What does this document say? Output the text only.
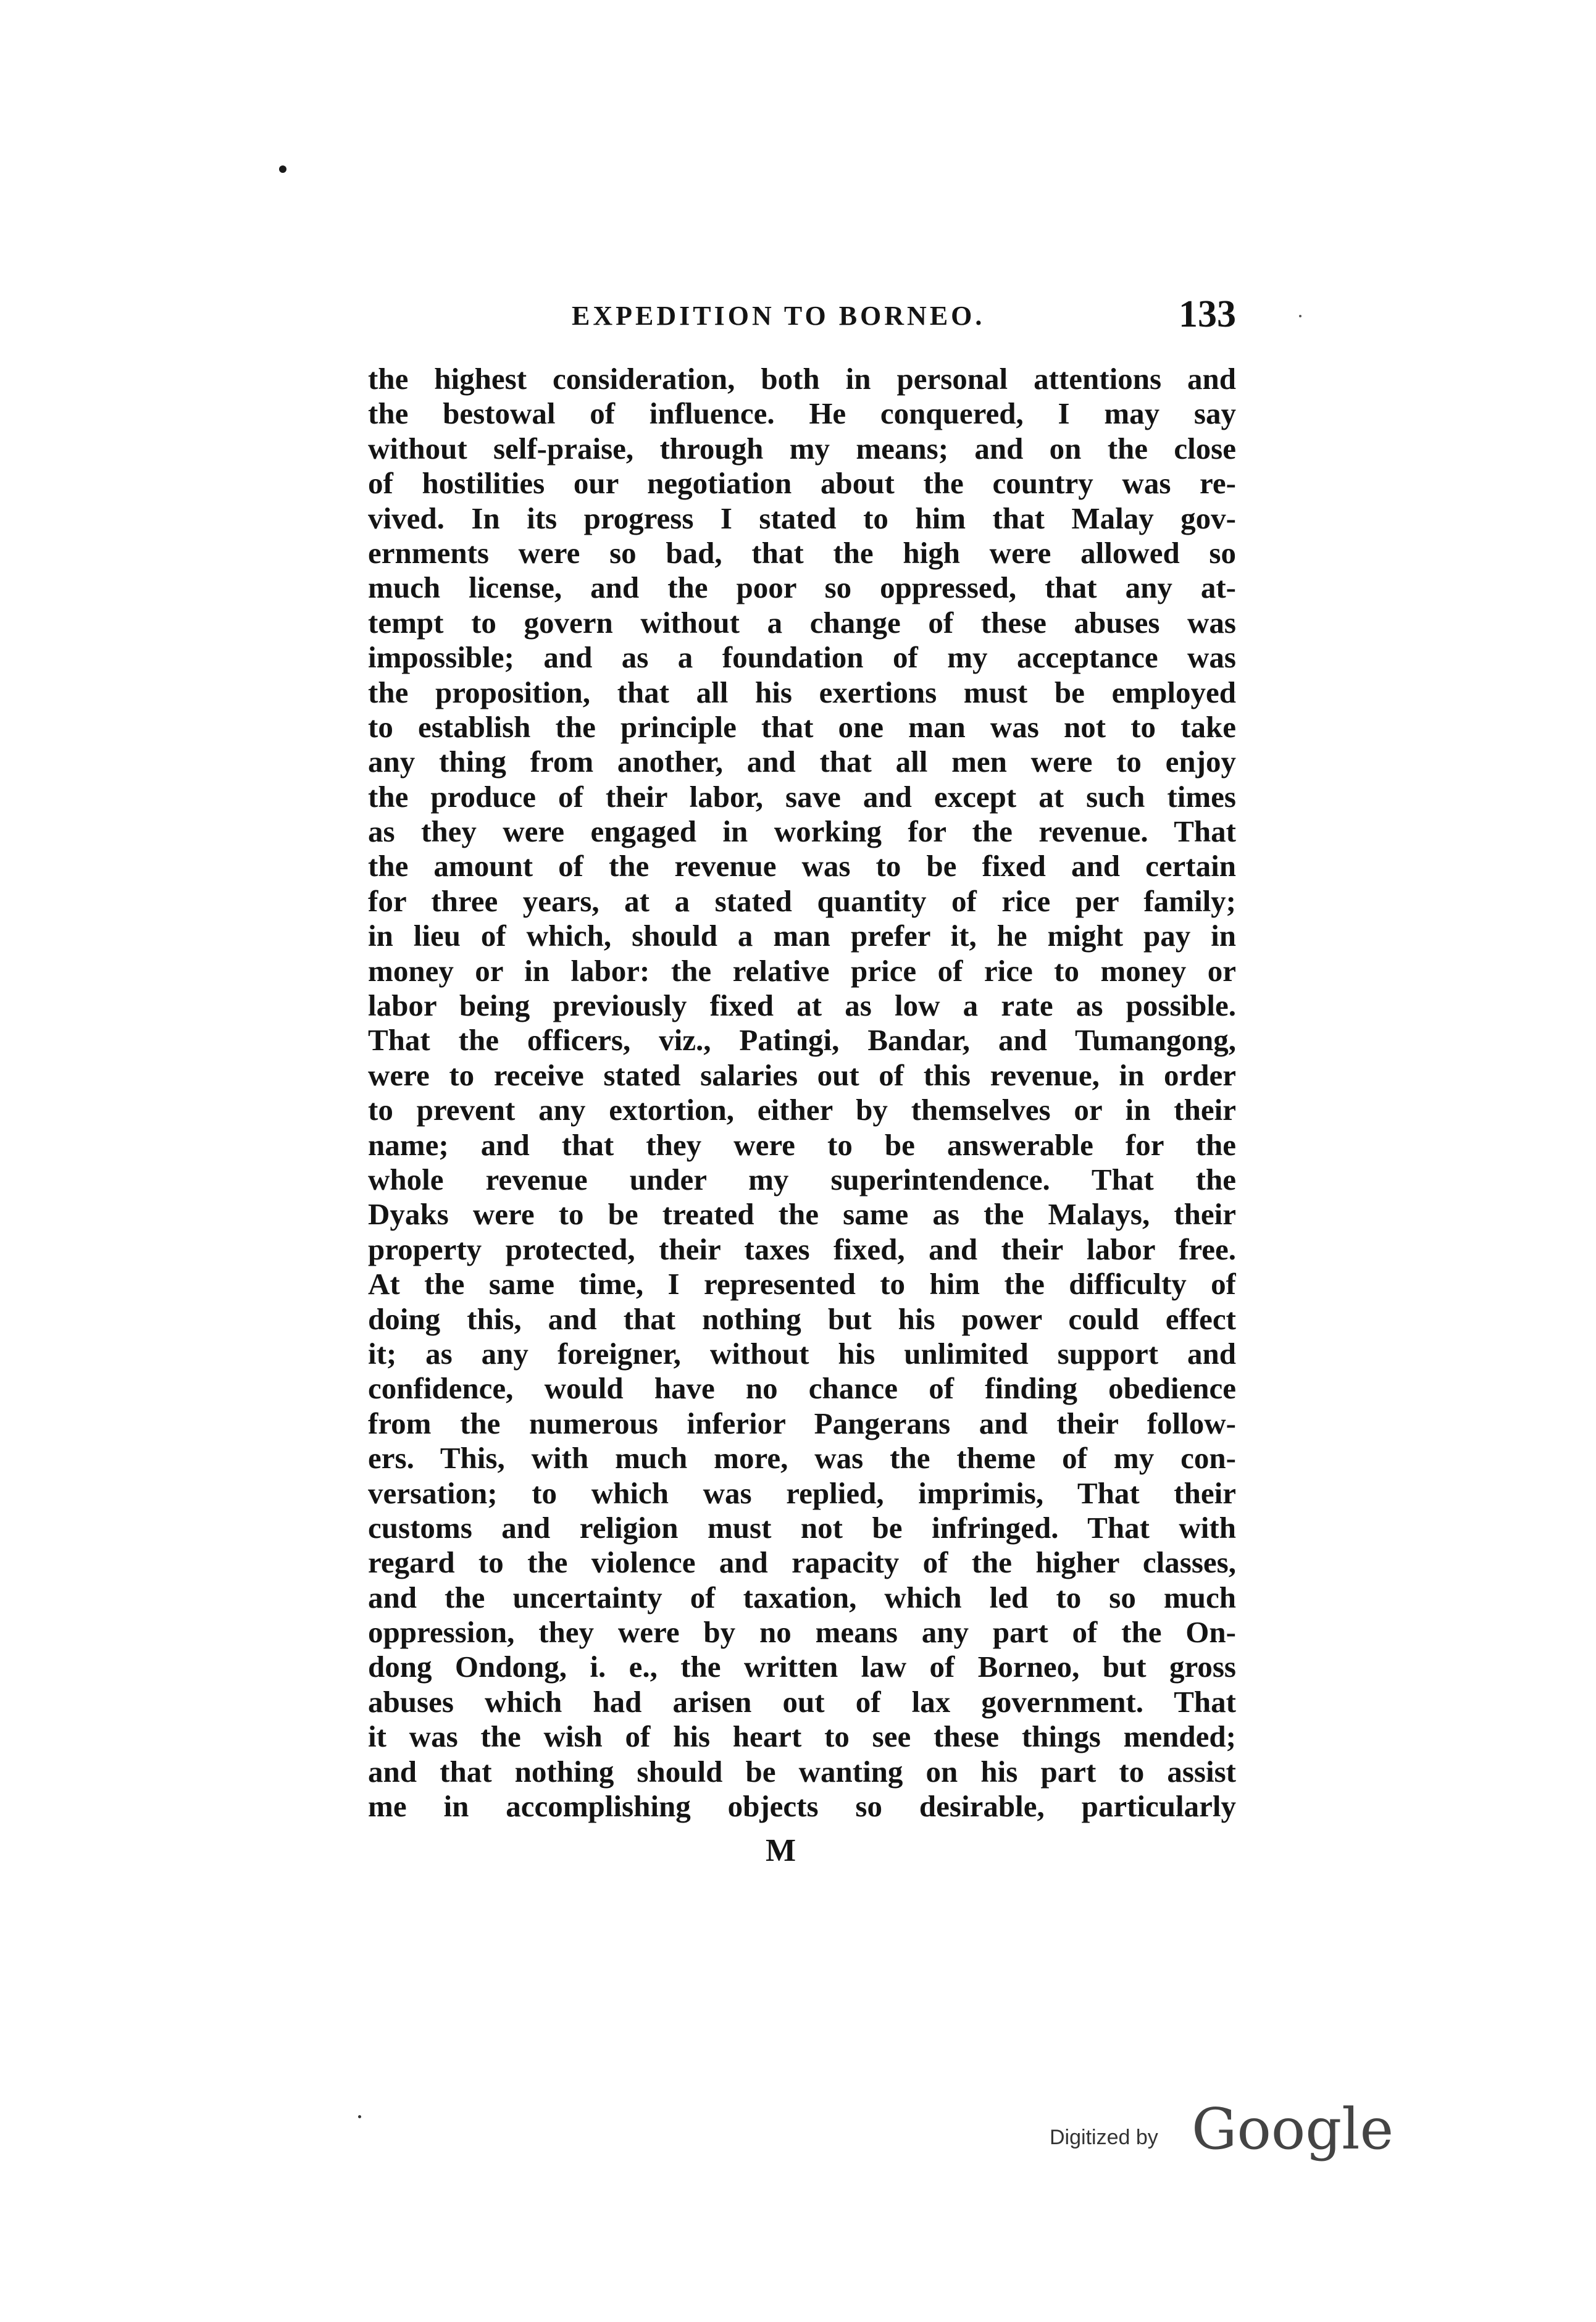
EXPEDITION TO BORNEO.	133
the highest consideration, both in personal attentions and
the bestowal of influence. He conquered, I may say
without self-praise, through my means; and on the close
of hostilities our negotiation about the country was re-
vived. In its progress I stated to him that Malay gov-
ernments were so bad, that the high were allowed so
much license, and the poor so oppressed, that any at-
tempt to govern without a change of these abuses was
impossible; and as a foundation of my acceptance was
the proposition, that all his exertions must be employed
to establish the principle that one man was not to take
any thing from another, and that all men were to enjoy
the produce of their labor, save and except at such times
as they were engaged in working for the revenue. That
the amount of the revenue was to be fixed and certain
for three years, at a stated quantity of rice per family;
in lieu of which, should a man prefer it, he might pay in
money or in labor: the relative price of rice to money or
labor being previously fixed at as low a rate as possible.
That the officers, viz., Patingi, Bandar, and Tumangong,
were to receive stated salaries out of this revenue, in order
to prevent any extortion, either by themselves or in their
name; and that they were to be answerable for the
whole revenue under my superintendence. That the
Dyaks were to be treated the same as the Malays, their
property protected, their taxes fixed, and their labor free.
At the same time, I represented to him the difficulty of
doing this, and that nothing but his power could effect
it; as any foreigner, without his unlimited support and
confidence, would have no chance of finding obedience
from the numerous inferior Pangerans and their follow-
ers. This, with much more, was the theme of my con-
versation; to which was replied, imprimis, That their
customs and religion must not be infringed. That with
regard to the violence and rapacity of the higher classes,
and the uncertainty of taxation, which led to so much
oppression, they were by no means any part of the On-
dong Ondong, i. e., the written law of Borneo, but gross
abuses which had arisen out of lax government. That
it was the wish of his heart to see these things mended;
and that nothing should be wanting on his part to assist
me in accomplishing objects so desirable, particularly
M
Digitized by Google
